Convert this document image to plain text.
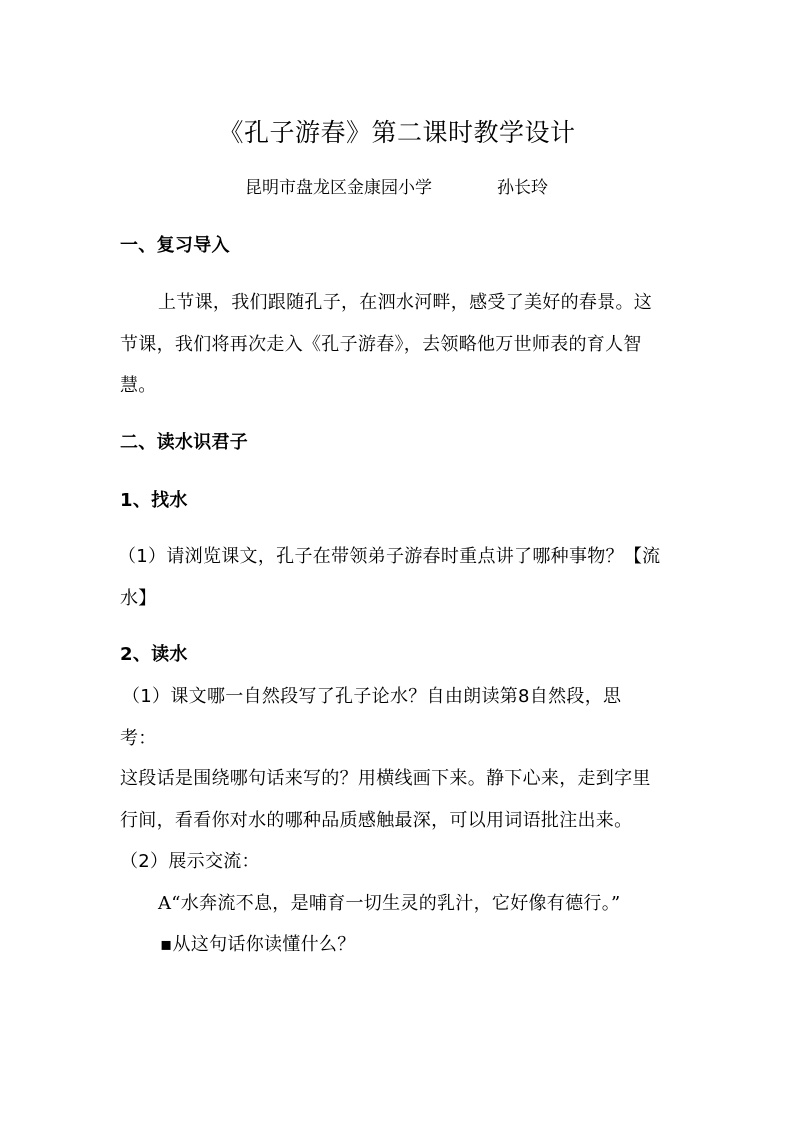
《孔子游春》第二课时教学设计
昆明市盘龙区金康园小学	孙长玲
一、复习导入
上节课，我们跟随孔子，在泗水河畔，感受了美好的春景。这
节课，我们将再次走入《孔子游春》，去领略他万世师表的育人智
慧。
二、读水识君子
1、找水
（1）请浏览课文，孔子在带领弟子游春时重点讲了哪种事物？【流
水】
2、读水
（1）课文哪一自然段写了孔子论水？自由朗读第8自然段，思
考：
这段话是围绕哪句话来写的？用横线画下来。静下心来，走到字里
行间，看看你对水的哪种品质感触最深，可以用词语批注出来。
（2）展示交流：
A“水奔流不息，是哺育一切生灵的乳汁，它好像有德行。”
▪从这句话你读懂什么？
